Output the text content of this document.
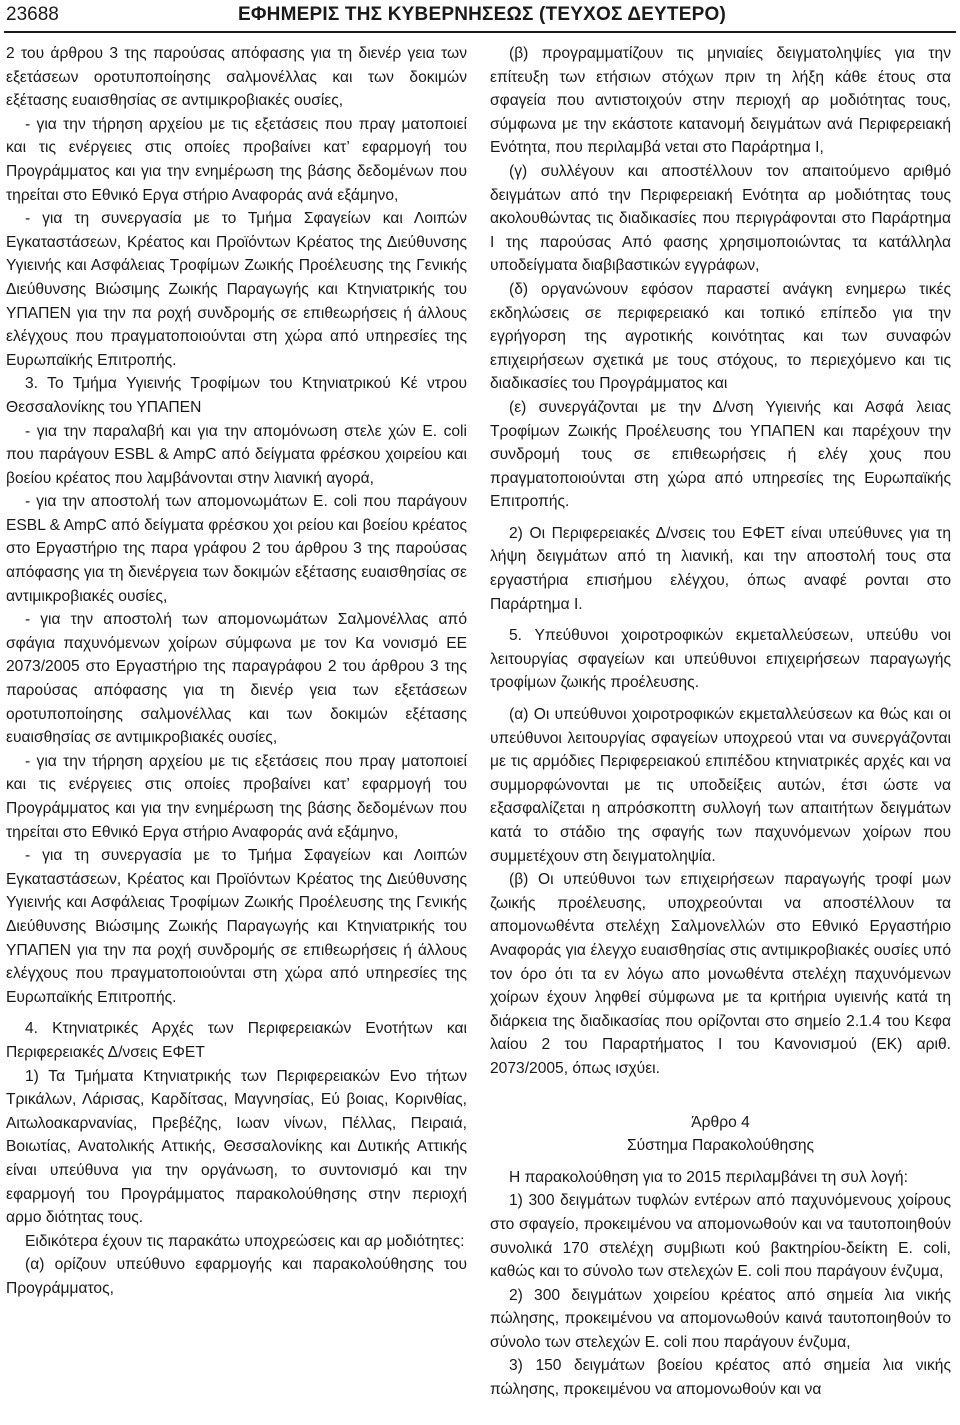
23688	ΕΦΗΜΕΡΙΣ ΤΗΣ ΚΥΒΕΡΝΗΣΕΩΣ (ΤΕΥΧΟΣ ΔΕΥΤΕΡΟ)

2 του άρθρου 3 της παρούσας απόφασης για τη διενέρ γεια των εξετάσεων οροτυποποίησης σαλμονέλλας και των δοκιμών εξέτασης ευαισθησίας σε αντιμικροβιακές ουσίες,

- για την τήρηση αρχείου με τις εξετάσεις που πραγ ματοποιεί και τις ενέργειες στις οποίες προβαίνει κατ’ εφαρμογή του Προγράμματος και για την ενημέρωση της βάσης δεδομένων που τηρείται στο Εθνικό Εργα στήριο Αναφοράς ανά εξάμηνο,

- για τη συνεργασία με το Τμήμα Σφαγείων και Λοιπών Εγκαταστάσεων, Κρέατος και Προϊόντων Κρέατος της Διεύθυνσης Υγιεινής και Ασφάλειας Τροφίμων Ζωικής Προέλευσης της Γενικής Διεύθυνσης Βιώσιμης Ζωικής Παραγωγής και Κτηνιατρικής του ΥΠΑΠΕΝ για την πα ροχή συνδρομής σε επιθεωρήσεις ή άλλους ελέγχους που πραγματοποιούνται στη χώρα από υπηρεσίες της Ευρωπαϊκής Επιτροπής.

3. Το Τμήμα Υγιεινής Τροφίμων του Κτηνιατρικού Κέ ντρου Θεσσαλονίκης του ΥΠΑΠΕΝ

- για την παραλαβή και για την απομόνωση στελε χών E. coli που παράγουν ESBL & AmpC από δείγματα φρέσκου χοιρείου και βοείου κρέατος που λαμβάνονται στην λιανική αγορά,

- για την αποστολή των απομονωμάτων E. coli που παράγουν ESBL & AmpC από δείγματα φρέσκου χοι ρείου και βοείου κρέατος στο Εργαστήριο της παρα γράφου 2 του άρθρου 3 της παρούσας απόφασης για τη διενέργεια των δοκιμών εξέτασης ευαισθησίας σε αντιμικροβιακές ουσίες,

- για την αποστολή των απομονωμάτων Σαλμονέλλας από σφάγια παχυνόμενων χοίρων σύμφωνα με τον Κα νονισμό ΕΕ 2073/2005 στο Εργαστήριο της παραγράφου 2 του άρθρου 3 της παρούσας απόφασης για τη διενέρ γεια των εξετάσεων οροτυποποίησης σαλμονέλλας και των δοκιμών εξέτασης ευαισθησίας σε αντιμικροβιακές ουσίες,

- για την τήρηση αρχείου με τις εξετάσεις που πραγ ματοποιεί και τις ενέργειες στις οποίες προβαίνει κατ’ εφαρμογή του Προγράμματος και για την ενημέρωση της βάσης δεδομένων που τηρείται στο Εθνικό Εργα στήριο Αναφοράς ανά εξάμηνο,

- για τη συνεργασία με το Τμήμα Σφαγείων και Λοιπών Εγκαταστάσεων, Κρέατος και Προϊόντων Κρέατος της Διεύθυνσης Υγιεινής και Ασφάλειας Τροφίμων Ζωικής Προέλευσης της Γενικής Διεύθυνσης Βιώσιμης Ζωικής Παραγωγής και Κτηνιατρικής του ΥΠΑΠΕΝ για την πα ροχή συνδρομής σε επιθεωρήσεις ή άλλους ελέγχους που πραγματοποιούνται στη χώρα από υπηρεσίες της Ευρωπαϊκής Επιτροπής.

4. Κτηνιατρικές Αρχές των Περιφερειακών Ενοτήτων και Περιφερειακές Δ/νσεις ΕΦΕΤ

1) Τα Τμήματα Κτηνιατρικής των Περιφερειακών Ενο τήτων Τρικάλων, Λάρισας, Καρδίτσας, Μαγνησίας, Εύ βοιας, Κορινθίας, Αιτωλοακαρνανίας, Πρεβέζης, Ιωαν νίνων, Πέλλας, Πειραιά, Βοιωτίας, Ανατολικής Αττικής, Θεσσαλονίκης και Δυτικής Αττικής είναι υπεύθυνα για την οργάνωση, το συντονισμό και την εφαρμογή του Προγράμματος παρακολούθησης στην περιοχή αρμο διότητας τους.

Ειδικότερα έχουν τις παρακάτω υποχρεώσεις και αρ μοδιότητες:

(α) ορίζουν υπεύθυνο εφαρμογής και παρακολούθησης του Προγράμματος,

(β) προγραμματίζουν τις μηνιαίες δειγματοληψίες για την επίτευξη των ετήσιων στόχων πριν τη λήξη κάθε έτους στα σφαγεία που αντιστοιχούν στην περιοχή αρ μοδιότητας τους, σύμφωνα με την εκάστοτε κατανομή δειγμάτων ανά Περιφερειακή Ενότητα, που περιλαμβά νεται στο Παράρτημα I,

(γ) συλλέγουν και αποστέλλουν τον απαιτούμενο αριθμό δειγμάτων από την Περιφερειακή Ενότητα αρ μοδιότητας τους ακολουθώντας τις διαδικασίες που περιγράφονται στο Παράρτημα I της παρούσας Από φασης χρησιμοποιώντας τα κατάλληλα υποδείγματα διαβιβαστικών εγγράφων,

(δ) οργανώνουν εφόσον παραστεί ανάγκη ενημερω τικές εκδηλώσεις σε περιφερειακό και τοπικό επίπεδο για την εγρήγορση της αγροτικής κοινότητας και των συναφών επιχειρήσεων σχετικά με τους στόχους, το περιεχόμενο και τις διαδικασίες του Προγράμματος και

(ε) συνεργάζονται με την Δ/νση Υγιεινής και Ασφά λειας Τροφίμων Ζωικής Προέλευσης του ΥΠΑΠΕΝ και παρέχουν την συνδρομή τους σε επιθεωρήσεις ή ελέγ χους που πραγματοποιούνται στη χώρα από υπηρεσίες της Ευρωπαϊκής Επιτροπής.

2) Οι Περιφερειακές Δ/νσεις του ΕΦΕΤ είναι υπεύθυνες για τη λήψη δειγμάτων από τη λιανική, και την αποστολή τους στα εργαστήρια επισήμου ελέγχου, όπως αναφέ ρονται στο Παράρτημα I.

5. Υπεύθυνοι χοιροτροφικών εκμεταλλεύσεων, υπεύθυ νοι λειτουργίας σφαγείων και υπεύθυνοι επιχειρήσεων παραγωγής τροφίμων ζωικής προέλευσης.

(α) Οι υπεύθυνοι χοιροτροφικών εκμεταλλεύσεων κα θώς και οι υπεύθυνοι λειτουργίας σφαγείων υποχρεού νται να συνεργάζονται με τις αρμόδιες Περιφερειακού επιπέδου κτηνιατρικές αρχές και να συμμορφώνονται με τις υποδείξεις αυτών, έτσι ώστε να εξασφαλίζεται η απρόσκοπτη συλλογή των απαιτήτων δειγμάτων κατά το στάδιο της σφαγής των παχυνόμενων χοίρων που συμμετέχουν στη δειγματοληψία.

(β) Οι υπεύθυνοι των επιχειρήσεων παραγωγής τροφί μων ζωικής προέλευσης, υποχρεούνται να αποστέλλουν τα απομονωθέντα στελέχη Σαλμονελλών στο Εθνικό Εργαστήριο Αναφοράς για έλεγχο ευαισθησίας στις αντιμικροβιακές ουσίες υπό τον όρο ότι τα εν λόγω απο μονωθέντα στελέχη παχυνόμενων χοίρων έχουν ληφθεί σύμφωνα με τα κριτήρια υγιεινής κατά τη διάρκεια της διαδικασίας που ορίζονται στο σημείο 2.1.4 του Κεφα λαίου 2 του Παραρτήματος I του Κανονισμού (ΕΚ) αριθ. 2073/2005, όπως ισχύει.

Άρθρο 4

Σύστημα Παρακολούθησης

Η παρακολούθηση για το 2015 περιλαμβάνει τη συλ λογή:

1) 300 δειγμάτων τυφλών εντέρων από παχυνόμενους χοίρους στο σφαγείο, προκειμένου να απομονωθούν και να ταυτοποιηθούν συνολικά 170 στελέχη συμβιωτι κού βακτηρίου-δείκτη E. coli, καθώς και το σύνολο των στελεχών E. coli που παράγουν ένζυμα,

2) 300 δειγμάτων χοιρείου κρέατος από σημεία λια νικής πώλησης, προκειμένου να απομονωθούν καινά ταυτοποιηθούν το σύνολο των στελεχών E. coli που παράγουν ένζυμα,

3) 150 δειγμάτων βοείου κρέατος από σημεία λια νικής πώλησης, προκειμένου να απομονωθούν και να
